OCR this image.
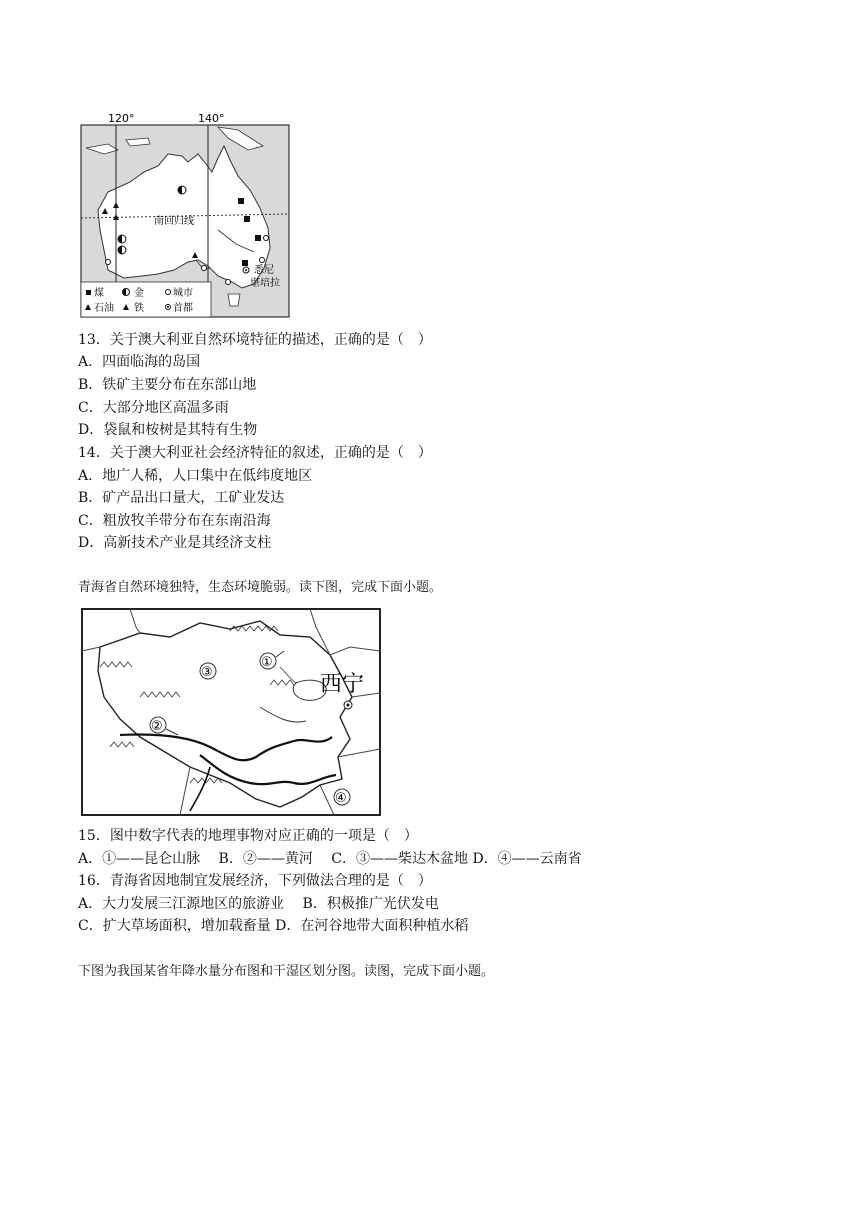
120°	140°
南回归线
悉尼
堪培拉
煤	金	城市
石油 铁	首都
13．关于澳大利亚自然环境特征的描述，正确的是（　）
A．四面临海的岛国
B．铁矿主要分布在东部山地
C．大部分地区高温多雨
D．袋鼠和桉树是其特有生物
14．关于澳大利亚社会经济特征的叙述，正确的是（　）
A．地广人稀，人口集中在低纬度地区
B．矿产品出口量大，工矿业发达
C．粗放牧羊带分布在东南沿海
D．高新技术产业是其经济支柱
青海省自然环境独特，生态环境脆弱。读下图，完成下面小题。
①
②
③
④
西宁
15．图中数字代表的地理事物对应正确的一项是（　）
A．①——昆仑山脉　 B．②——黄河　 C．③——柴达木盆地 D．④——云南省
16．青海省因地制宜发展经济，下列做法合理的是（　）
A．大力发展三江源地区的旅游业　 B．积极推广光伏发电
C．扩大草场面积，增加载畜量 D．在河谷地带大面积种植水稻
下图为我国某省年降水量分布图和干湿区划分图。读图，完成下面小题。
